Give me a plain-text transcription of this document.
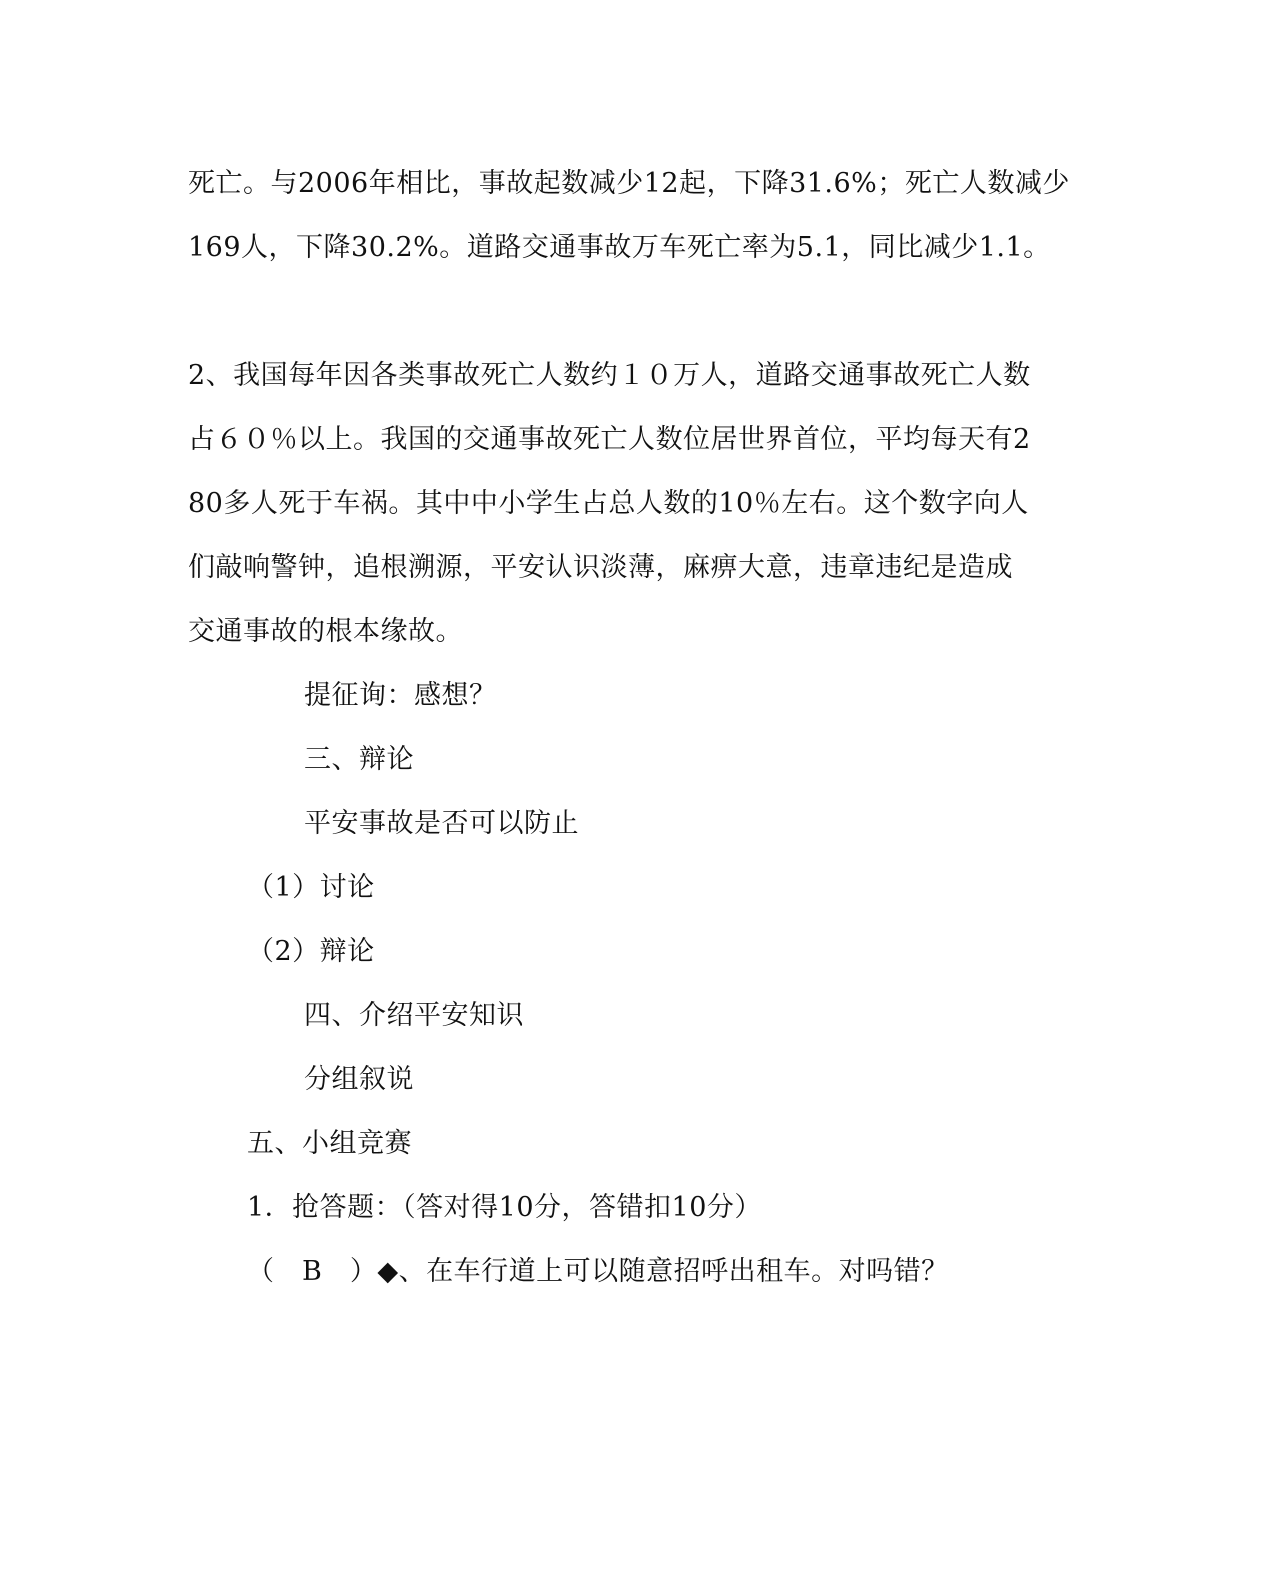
死亡。与2006年相比，事故起数减少12起，下降31.6%；死亡人数减少
169人，下降30.2%。道路交通事故万车死亡率为5.1，同比减少1.1。
2、我国每年因各类事故死亡人数约１０万人，道路交通事故死亡人数
占６０％以上。我国的交通事故死亡人数位居世界首位，平均每天有2
80多人死于车祸。其中中小学生占总人数的10％左右。这个数字向人
们敲响警钟，追根溯源，平安认识淡薄，麻痹大意，违章违纪是造成
交通事故的根本缘故。
提征询：感想？
三、辩论
平安事故是否可以防止
（1）讨论
（2）辩论
四、介绍平安知识
分组叙说
五、小组竞赛
1．抢答题：（答对得10分，答错扣10分）
（　B　）◆、在车行道上可以随意招呼出租车。对吗错？
